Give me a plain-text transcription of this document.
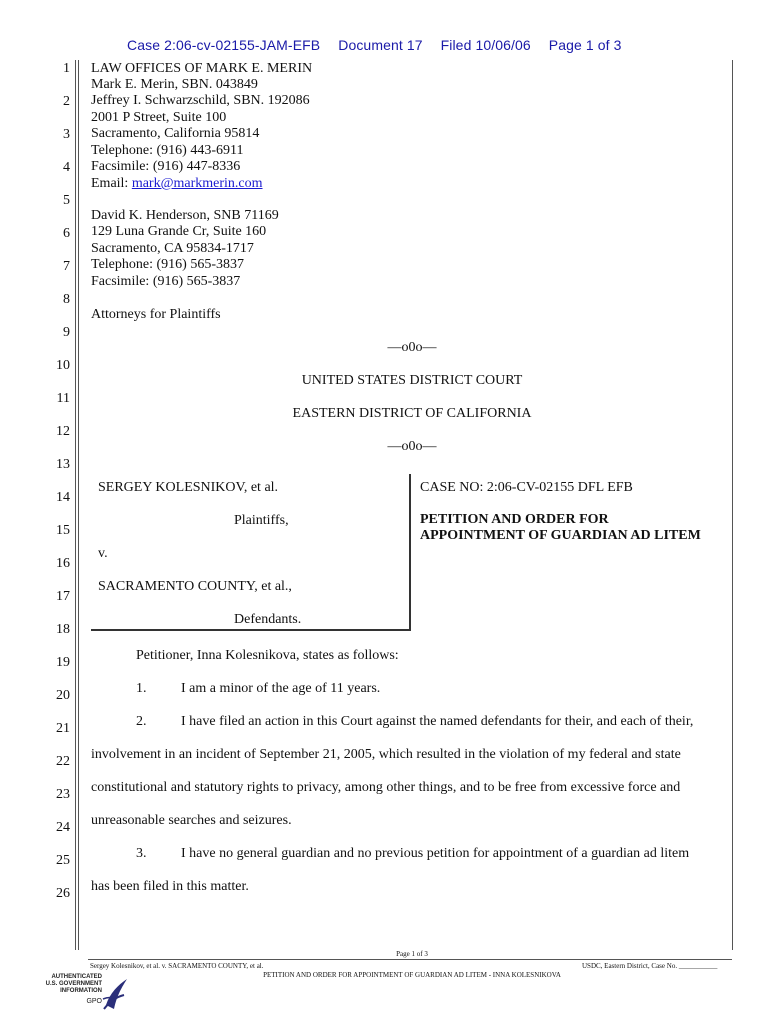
Case 2:06-cv-02155-JAM-EFB Document 17 Filed 10/06/06 Page 1 of 3
1
2
3
4
5
6
7
8
9
10
11
12
13
14
15
16
17
18
19
20
21
22
23
24
25
26
LAW OFFICES OF MARK E. MERIN
Mark E. Merin, SBN. 043849
Jeffrey I. Schwarzschild, SBN. 192086
2001 P Street, Suite 100
Sacramento, California 95814
Telephone: (916) 443-6911
Facsimile: (916) 447-8336
Email: mark@markmerin.com
David K. Henderson, SNB 71169
129 Luna Grande Cr, Suite 160
Sacramento, CA 95834-1717
Telephone: (916) 565-3837
Facsimile: (916) 565-3837
Attorneys for Plaintiffs
—o0o—
UNITED STATES DISTRICT COURT
EASTERN DISTRICT OF CALIFORNIA
—o0o—
SERGEY KOLESNIKOV, et al.
Plaintiffs,
v.
SACRAMENTO COUNTY, et al.,
Defendants.
CASE NO: 2:06-CV-02155 DFL EFB
PETITION AND ORDER FOR
APPOINTMENT OF GUARDIAN AD LITEM
Petitioner, Inna Kolesnikova, states as follows:
1. I am a minor of the age of 11 years.
2. I have filed an action in this Court against the named defendants for their, and each of their,
involvement in an incident of September 21, 2005, which resulted in the violation of my federal and state
constitutional and statutory rights to privacy, among other things, and to be free from excessive force and
unreasonable searches and seizures.
3. I have no general guardian and no previous petition for appointment of a guardian ad litem
has been filed in this matter.
Page 1 of 3
Sergey Kolesnikov, et al. v. SACRAMENTO COUNTY, et al.	USDC, Eastern District, Case No. ___________
PETITION AND ORDER FOR APPOINTMENT OF GUARDIAN AD LITEM - INNA KOLESNIKOVA
AUTHENTICATED
U.S. GOVERNMENT
INFORMATION
GPO
